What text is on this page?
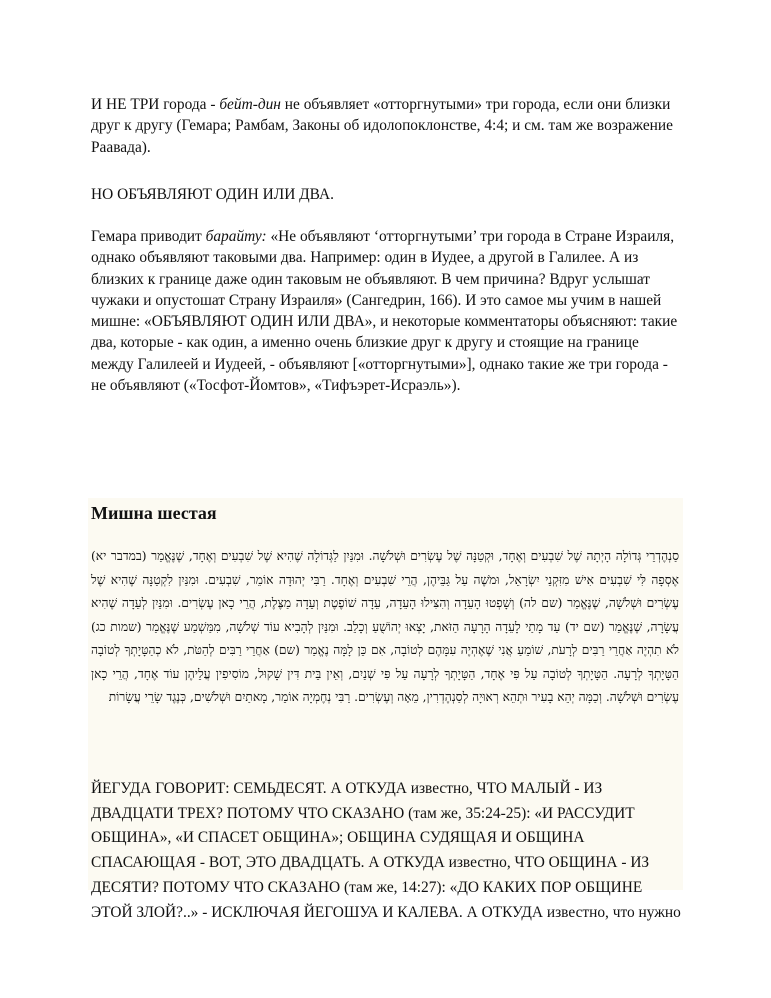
И НЕ ТРИ города - бейт-дин не объявляет «отторгнутыми» три города, если они близки друг к другу (Гемара; Рамбам, Законы об идолопоклонстве, 4:4; и см. там же возражение Раавада).

НО ОБЪЯВЛЯЮТ ОДИН ИЛИ ДВА.

Гемара приводит барайту: «Не объявляют ‘отторгнутыми’ три города в Стране Израиля, однако объявляют таковыми два. Например: один в Иудее, а другой в Галилее. А из близких к границе даже один таковым не объявляют. В чем причина? Вдруг услышат чужаки и опустошат Страну Израиля» (Сангедрин, 166). И это самое мы учим в нашей мишне: «ОБЪЯВЛЯЮТ ОДИН ИЛИ ДВА», и некоторые комментаторы объясняют: такие два, которые - как один, а именно очень близкие друг к другу и стоящие на границе между Галилеей и Иудеей, - объявляют [«отторгнутыми»], однако такие же три города - не объявляют («Тосфот-Йомтов», «Тифъэрет-Исраэль»).

Мишна шестая

סַנְהֶדְרֵי גְּדוֹלָה הָיְתָה שֶׁל שִׁבְעִים וְאֶחָד, וּקְטַנָּה שֶׁל עֶשְׂרִים וּשְׁלֹשָׁה. וּמִנַּיִן לַגְּדוֹלָה שֶׁהִיא שֶׁל שִׁבְעִים וְאֶחָד, שֶׁנֶּאֱמַר (במדבר יא) אֶסְפָה לִּי שִׁבְעִים אִישׁ מִזִּקְנֵי יִשְׂרָאֵל, וּמֹשֶׁה עַל גַּבֵּיהֶן, הֲרֵי שִׁבְעִים וְאֶחָד. רַבִּי יְהוּדָה אוֹמֵר, שִׁבְעִים. וּמִנַּיִן לִקְטַנָּה שֶׁהִיא שֶׁל עֶשְׂרִים וּשְׁלֹשָׁה, שֶׁנֶּאֱמַר (שם לה) וְשָׁפְטוּ הָעֵדָה וְהִצִּילוּ הָעֵדָה, עֵדָה שׁוֹפֶטֶת וְעֵדָה מַצֶּלֶת, הֲרֵי כָאן עֶשְׂרִים. וּמִנַּיִן לְעֵדָה שֶׁהִיא עֲשָׂרָה, שֶׁנֶּאֱמַר (שם יד) עַד מָתַי לָעֵדָה הָרָעָה הַזֹּאת, יָצְאוּ יְהוֹשֻׁעַ וְכָלֵב. וּמִנַּיִן לְהָבִיא עוֹד שְׁלֹשָׁה, מִמַּשְׁמַע שֶׁנֶּאֱמַר (שמות כג) לֹא תִהְיֶה אַחֲרֵי רַבִּים לְרָעֹת, שׁוֹמֵעַ אֲנִי שֶׁאֶהְיֶה עִמָּהֶם לְטוֹבָה, אִם כֵּן לָמָּה נֶאֱמַר (שם) אַחֲרֵי רַבִּים לְהַטֹּת, לֹא כְהַטָּיָתְךָ לְטוֹבָה הַטָּיָתְךָ לְרָעָה. הַטָּיָתְךָ לְטוֹבָה עַל פִּי אֶחָד, הַטָּיָתְךָ לְרָעָה עַל פִּי שְׁנַיִם, וְאֵין בֵּית דִּין שָׁקוּל, מוֹסִיפִין עֲלֵיהֶן עוֹד אֶחָד, הֲרֵי כָאן עֶשְׂרִים וּשְׁלֹשָׁה. וְכַמָּה יְהֵא בָעִיר וּתְהֵא רְאוּיָה לְסַנְהֶדְרִין, מֵאָה וְעֶשְׂרִים. רַבִּי נְחֶמְיָה אוֹמֵר, מָאתַיִם וּשְׁלֹשִׁים, כְּנֶגֶד שָׂרֵי עֲשָׂרוֹת

ЙЕГУДА ГОВОРИТ: СЕМЬДЕСЯТ. А ОТКУДА известно, ЧТО МАЛЫЙ - ИЗ ДВАДЦАТИ ТРЕХ? ПОТОМУ ЧТО СКАЗАНО (там же, 35:24-25): «И РАССУДИТ ОБЩИНА», «И СПАСЕТ ОБЩИНА»; ОБЩИНА СУДЯЩАЯ И ОБЩИНА СПАСАЮЩАЯ - ВОТ, ЭТО ДВАДЦАТЬ. А ОТКУДА известно, ЧТО ОБЩИНА - ИЗ ДЕСЯТИ? ПОТОМУ ЧТО СКАЗАНО (там же, 14:27): «ДО КАКИХ ПОР ОБЩИНЕ ЭТОЙ ЗЛОЙ?..» - ИСКЛЮЧАЯ ЙЕГОШУА И КАЛЕВА. А ОТКУДА известно, что нужно
